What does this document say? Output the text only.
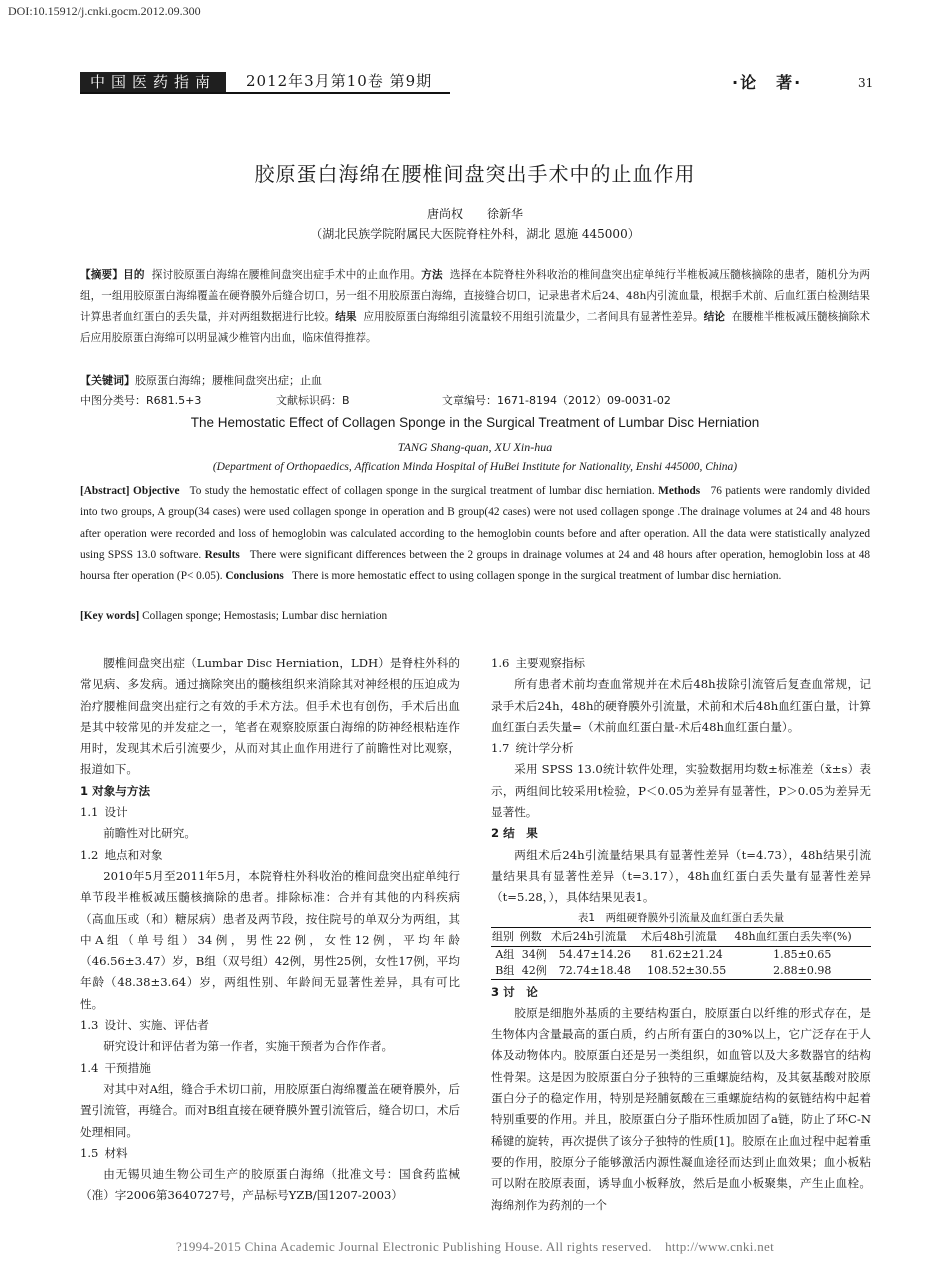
DOI:10.15912/j.cnki.gocm.2012.09.300
中国医药指南	2012年3月第10卷 第9期	·论　著·	31
胶原蛋白海绵在腰椎间盘突出手术中的止血作用
唐尚权　　徐新华
（湖北民族学院附属民大医院脊柱外科，湖北 恩施 445000）
【摘要】目的 探讨胶原蛋白海绵在腰椎间盘突出症手术中的止血作用。方法 选择在本院脊柱外科收治的椎间盘突出症单纯行半椎板减压髓核摘除的患者，随机分为两组，一组用胶原蛋白海绵覆盖在硬脊膜外后缝合切口，另一组不用胶原蛋白海绵，直接缝合切口，记录患者术后24、48h内引流血量，根据手术前、后血红蛋白检测结果计算患者血红蛋白的丢失量，并对两组数据进行比较。结果 应用胶原蛋白海绵组引流量较不用组引流量少，二者间具有显著性差异。结论 在腰椎半椎板减压髓核摘除术后应用胶原蛋白海绵可以明显减少椎管内出血，临床值得推荐。
【关键词】胶原蛋白海绵；腰椎间盘突出症；止血
中图分类号：R681.5+3	文献标识码：B	文章编号：1671-8194（2012）09-0031-02
The Hemostatic Effect of Collagen Sponge in the Surgical Treatment of Lumbar Disc Herniation
TANG Shang-quan, XU Xin-hua
(Department of Orthopaedics, Affication Minda Hospital of HuBei Institute for Nationality, Enshi 445000, China)
[Abstract] Objective To study the hemostatic effect of collagen sponge in the surgical treatment of lumbar disc herniation. Methods 76 patients were randomly divided into two groups, A group(34 cases) were used collagen sponge in operation and B group(42 cases) were not used collagen sponge .The drainage volumes at 24 and 48 hours after operation were recorded and loss of hemoglobin was calculated according to the hemoglobin counts before and after operation. All the data were statistically analyzed using SPSS 13.0 software. Results There were significant differences between the 2 groups in drainage volumes at 24 and 48 hours after operation, hemoglobin loss at 48 hoursa fter operation (P< 0.05). Conclusions There is more hemostatic effect to using collagen sponge in the surgical treatment of lumbar disc herniation.
[Key words] Collagen sponge; Hemostasis; Lumbar disc herniation

腰椎间盘突出症（Lumbar Disc Herniation，LDH）是脊柱外科的常见病、多发病。通过摘除突出的髓核组织来消除其对神经根的压迫成为治疗腰椎间盘突出症行之有效的手术方法。但手术也有创伤，手术后出血是其中较常见的并发症之一，笔者在观察胶原蛋白海绵的防神经根粘连作用时，发现其术后引流要少，从而对其止血作用进行了前瞻性对比观察，报道如下。

1 对象与方法

1.1 设计

前瞻性对比研究。

1.2 地点和对象

2010年5月至2011年5月，本院脊柱外科收治的椎间盘突出症单纯行单节段半椎板减压髓核摘除的患者。排除标准：合并有其他的内科疾病（高血压或（和）糖尿病）患者及两节段，按住院号的单双分为两组，其中A组（单号组）34例，男性22例，女性12例，平均年龄（46.56±3.47）岁，B组（双号组）42例，男性25例，女性17例，平均年龄（48.38±3.64）岁，两组性别、年龄间无显著性差异，具有可比性。

1.3 设计、实施、评估者

研究设计和评估者为第一作者，实施干预者为合作作者。

1.4 干预措施

对其中对A组，缝合手术切口前，用胶原蛋白海绵覆盖在硬脊膜外，后置引流管，再缝合。而对B组直接在硬脊膜外置引流管后，缝合切口，术后处理相同。

1.5 材料

由无锡贝迪生物公司生产的胶原蛋白海绵（批准文号：国食药监械（准）字2006第3640727号，产品标号YZB/国1207-2003）

1.6 主要观察指标

所有患者术前均查血常规并在术后48h拔除引流管后复查血常规，记录手术后24h，48h的硬脊膜外引流量，术前和术后48h血红蛋白量，计算血红蛋白丢失量=（术前血红蛋白量-术后48h血红蛋白量）。

1.7 统计学分析

采用 SPSS 13.0统计软件处理，实验数据用均数±标准差（x̄±s）表示，两组间比较采用t检验，P＜0.05为差异有显著性，P＞0.05为差异无显著性。

2 结　果

两组术后24h引流量结果具有显著性差异（t=4.73），48h结果引流量结果具有显著性差异（t=3.17），48h血红蛋白丢失量有显著性差异（t=5.28，），具体结果见表1。

表1　两组硬脊膜外引流量及血红蛋白丢失量

组别	例数	术后24h引流量	术后48h引流量	48h血红蛋白丢失率(%)
A组	34例	54.47±14.26	81.62±21.24	1.85±0.65
B组	42例	72.74±18.48	108.52±30.55	2.88±0.98

3 讨　论

胶原是细胞外基质的主要结构蛋白，胶原蛋白以纤维的形式存在，是生物体内含量最高的蛋白质，约占所有蛋白的30%以上，它广泛存在于人体及动物体内。胶原蛋白还是另一类组织，如血管以及大多数器官的结构性骨架。这是因为胶原蛋白分子独特的三重螺旋结构，及其氨基酸对胶原蛋白分子的稳定作用，特别是羟脯氨酸在三重螺旋结构的氨链结构中起着特别重要的作用。并且，胶原蛋白分子脂环性质加固了a链，防止了环C-N稀键的旋转，再次提供了该分子独特的性质[1]。胶原在止血过程中起着重要的作用，胶原分子能够激活内源性凝血途径而达到止血效果；血小板粘可以附在胶原表面，诱导血小板释放，然后是血小板聚集，产生止血栓。海绵剂作为药剂的一个

?1994-2015 China Academic Journal Electronic Publishing House. All rights reserved.　http://www.cnki.net
